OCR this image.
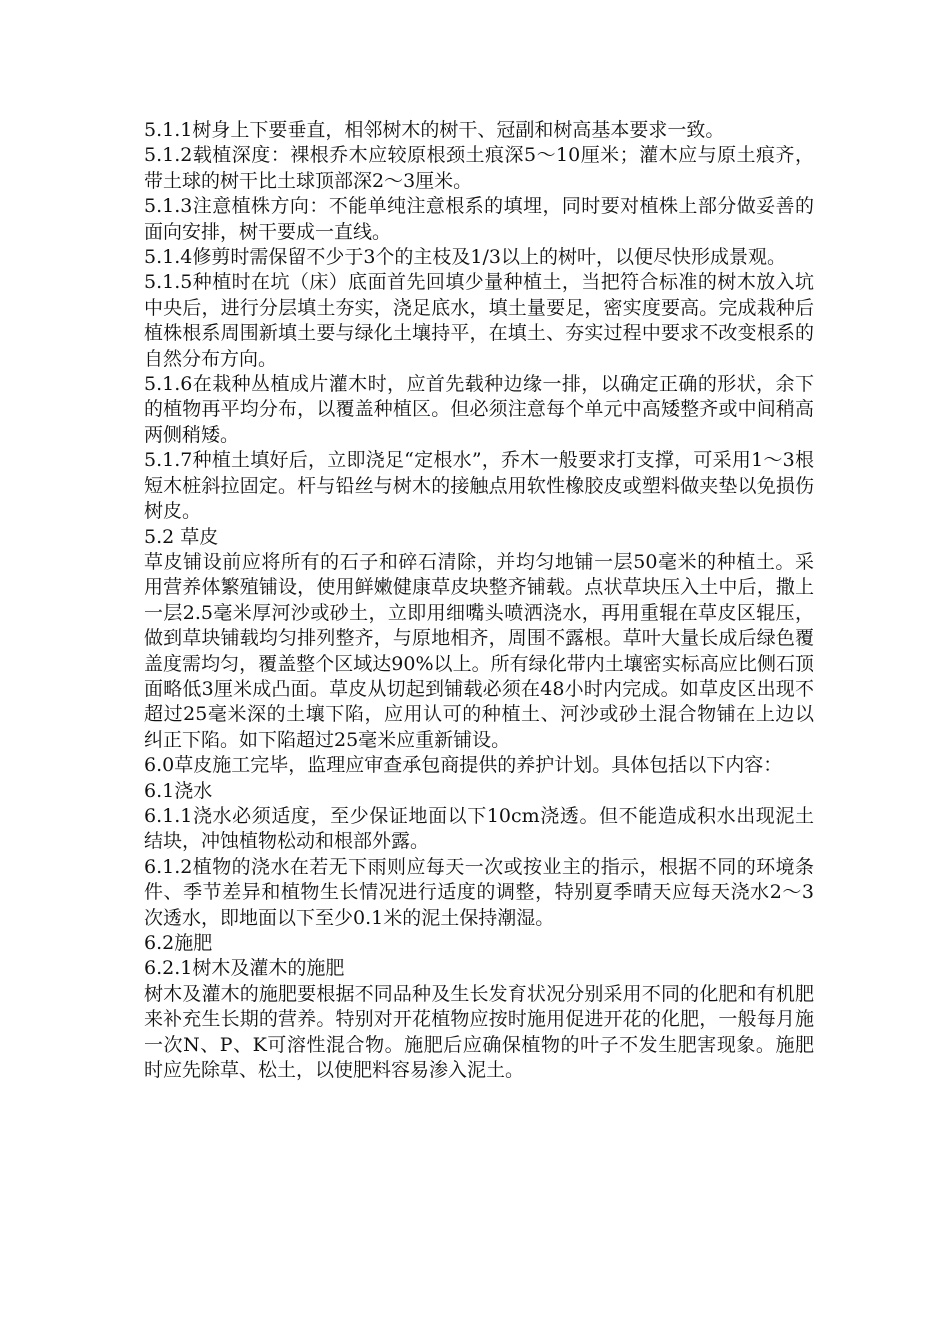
5.1.1树身上下要垂直，相邻树木的树干、冠副和树高基本要求一致。

5.1.2载植深度：裸根乔木应较原根颈土痕深5～10厘米；灌木应与原土痕齐，带土球的树干比土球顶部深2～3厘米。

5.1.3注意植株方向：不能单纯注意根系的填埋，同时要对植株上部分做妥善的面向安排，树干要成一直线。

5.1.4修剪时需保留不少于3个的主枝及1/3以上的树叶，以便尽快形成景观。

5.1.5种植时在坑（床）底面首先回填少量种植土，当把符合标准的树木放入坑中央后，进行分层填土夯实，浇足底水，填土量要足，密实度要高。完成栽种后植株根系周围新填土要与绿化土壤持平，在填土、夯实过程中要求不改变根系的自然分布方向。

5.1.6在栽种丛植成片灌木时，应首先载种边缘一排，以确定正确的形状，余下的植物再平均分布，以覆盖种植区。但必须注意每个单元中高矮整齐或中间稍高两侧稍矮。

5.1.7种植土填好后，立即浇足“定根水”，乔木一般要求打支撑，可采用1～3根短木桩斜拉固定。杆与铅丝与树木的接触点用软性橡胶皮或塑料做夹垫以免损伤树皮。

5.2 草皮

草皮铺设前应将所有的石子和碎石清除，并均匀地铺一层50毫米的种植土。采用营养体繁殖铺设，使用鲜嫩健康草皮块整齐铺载。点状草块压入土中后，撒上一层2.5毫米厚河沙或砂土，立即用细嘴头喷洒浇水，再用重辊在草皮区辊压，做到草块铺载均匀排列整齐，与原地相齐，周围不露根。草叶大量长成后绿色覆盖度需均匀，覆盖整个区域达90%以上。所有绿化带内土壤密实标高应比侧石顶面略低3厘米成凸面。草皮从切起到铺载必须在48小时内完成。如草皮区出现不超过25毫米深的土壤下陷，应用认可的种植土、河沙或砂土混合物铺在上边以纠正下陷。如下陷超过25毫米应重新铺设。

6.0草皮施工完毕，监理应审查承包商提供的养护计划。具体包括以下内容：

6.1浇水

6.1.1浇水必须适度，至少保证地面以下10cm浇透。但不能造成积水出现泥土结块，冲蚀植物松动和根部外露。

6.1.2植物的浇水在若无下雨则应每天一次或按业主的指示，根据不同的环境条件、季节差异和植物生长情况进行适度的调整，特别夏季晴天应每天浇水2～3次透水，即地面以下至少0.1米的泥土保持潮湿。

6.2施肥

6.2.1树木及灌木的施肥

树木及灌木的施肥要根据不同品种及生长发育状况分别采用不同的化肥和有机肥来补充生长期的营养。特别对开花植物应按时施用促进开花的化肥，一般每月施一次N、P、K可溶性混合物。施肥后应确保植物的叶子不发生肥害现象。施肥时应先除草、松土，以使肥料容易渗入泥土。
